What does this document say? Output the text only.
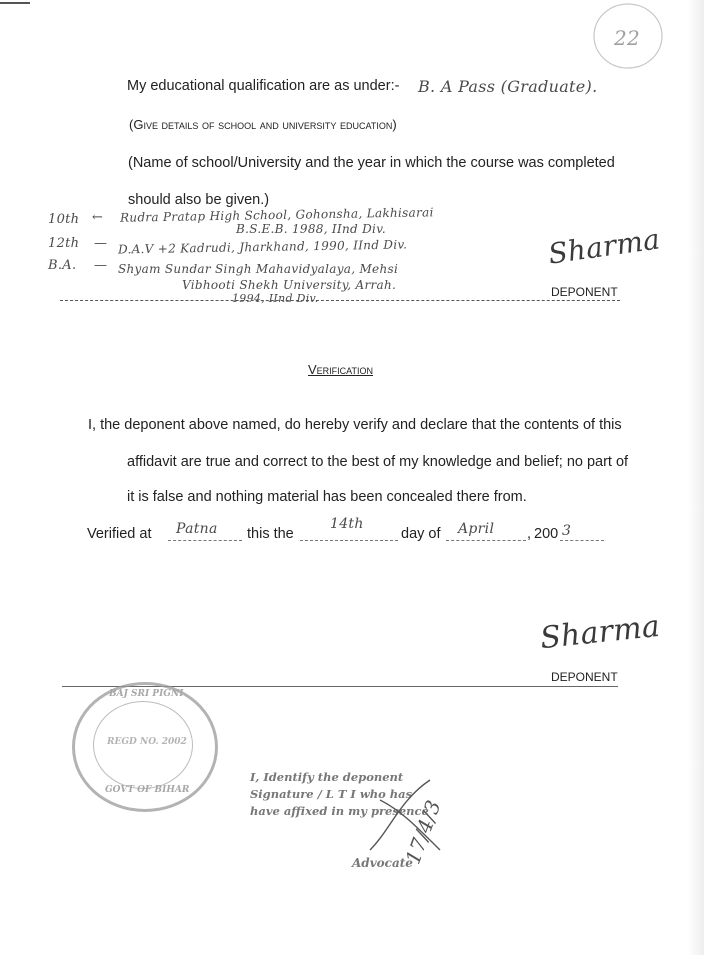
22
My educational qualification are as under:- B. A Pass (Graduate).
(Give details of school and university education)
(Name of school/University and the year in which the course was completed
should also be given.)
10th ← Rudra Pratap High School, Gohonsha, Lakhisarai
B.S.E.B. 1988, IInd Div.
12th — D.A.V +2 Kadrudi, Jharkhand, 1990, IInd Div.
B.A. — Shyam Sundar Singh Mahavidyalaya, Mehsi
Vibhooti Shekh University, Arrah.
1994, IInd Div.
Sharma
DEPONENT
Verification
I, the deponent above named, do hereby verify and declare that the contents of this
affidavit are true and correct to the best of my knowledge and belief; no part of
it is false and nothing material has been concealed there from.
Verified at Patna this the
14th
day of April , 200 3
Sharma
DEPONENT
BAJ SRI PIGNI
REGD NO. 2002
GOVT OF BIHAR
I, Identify the deponent
Signature / L T I who has
have affixed in my presence
Advocate
17/4/3
